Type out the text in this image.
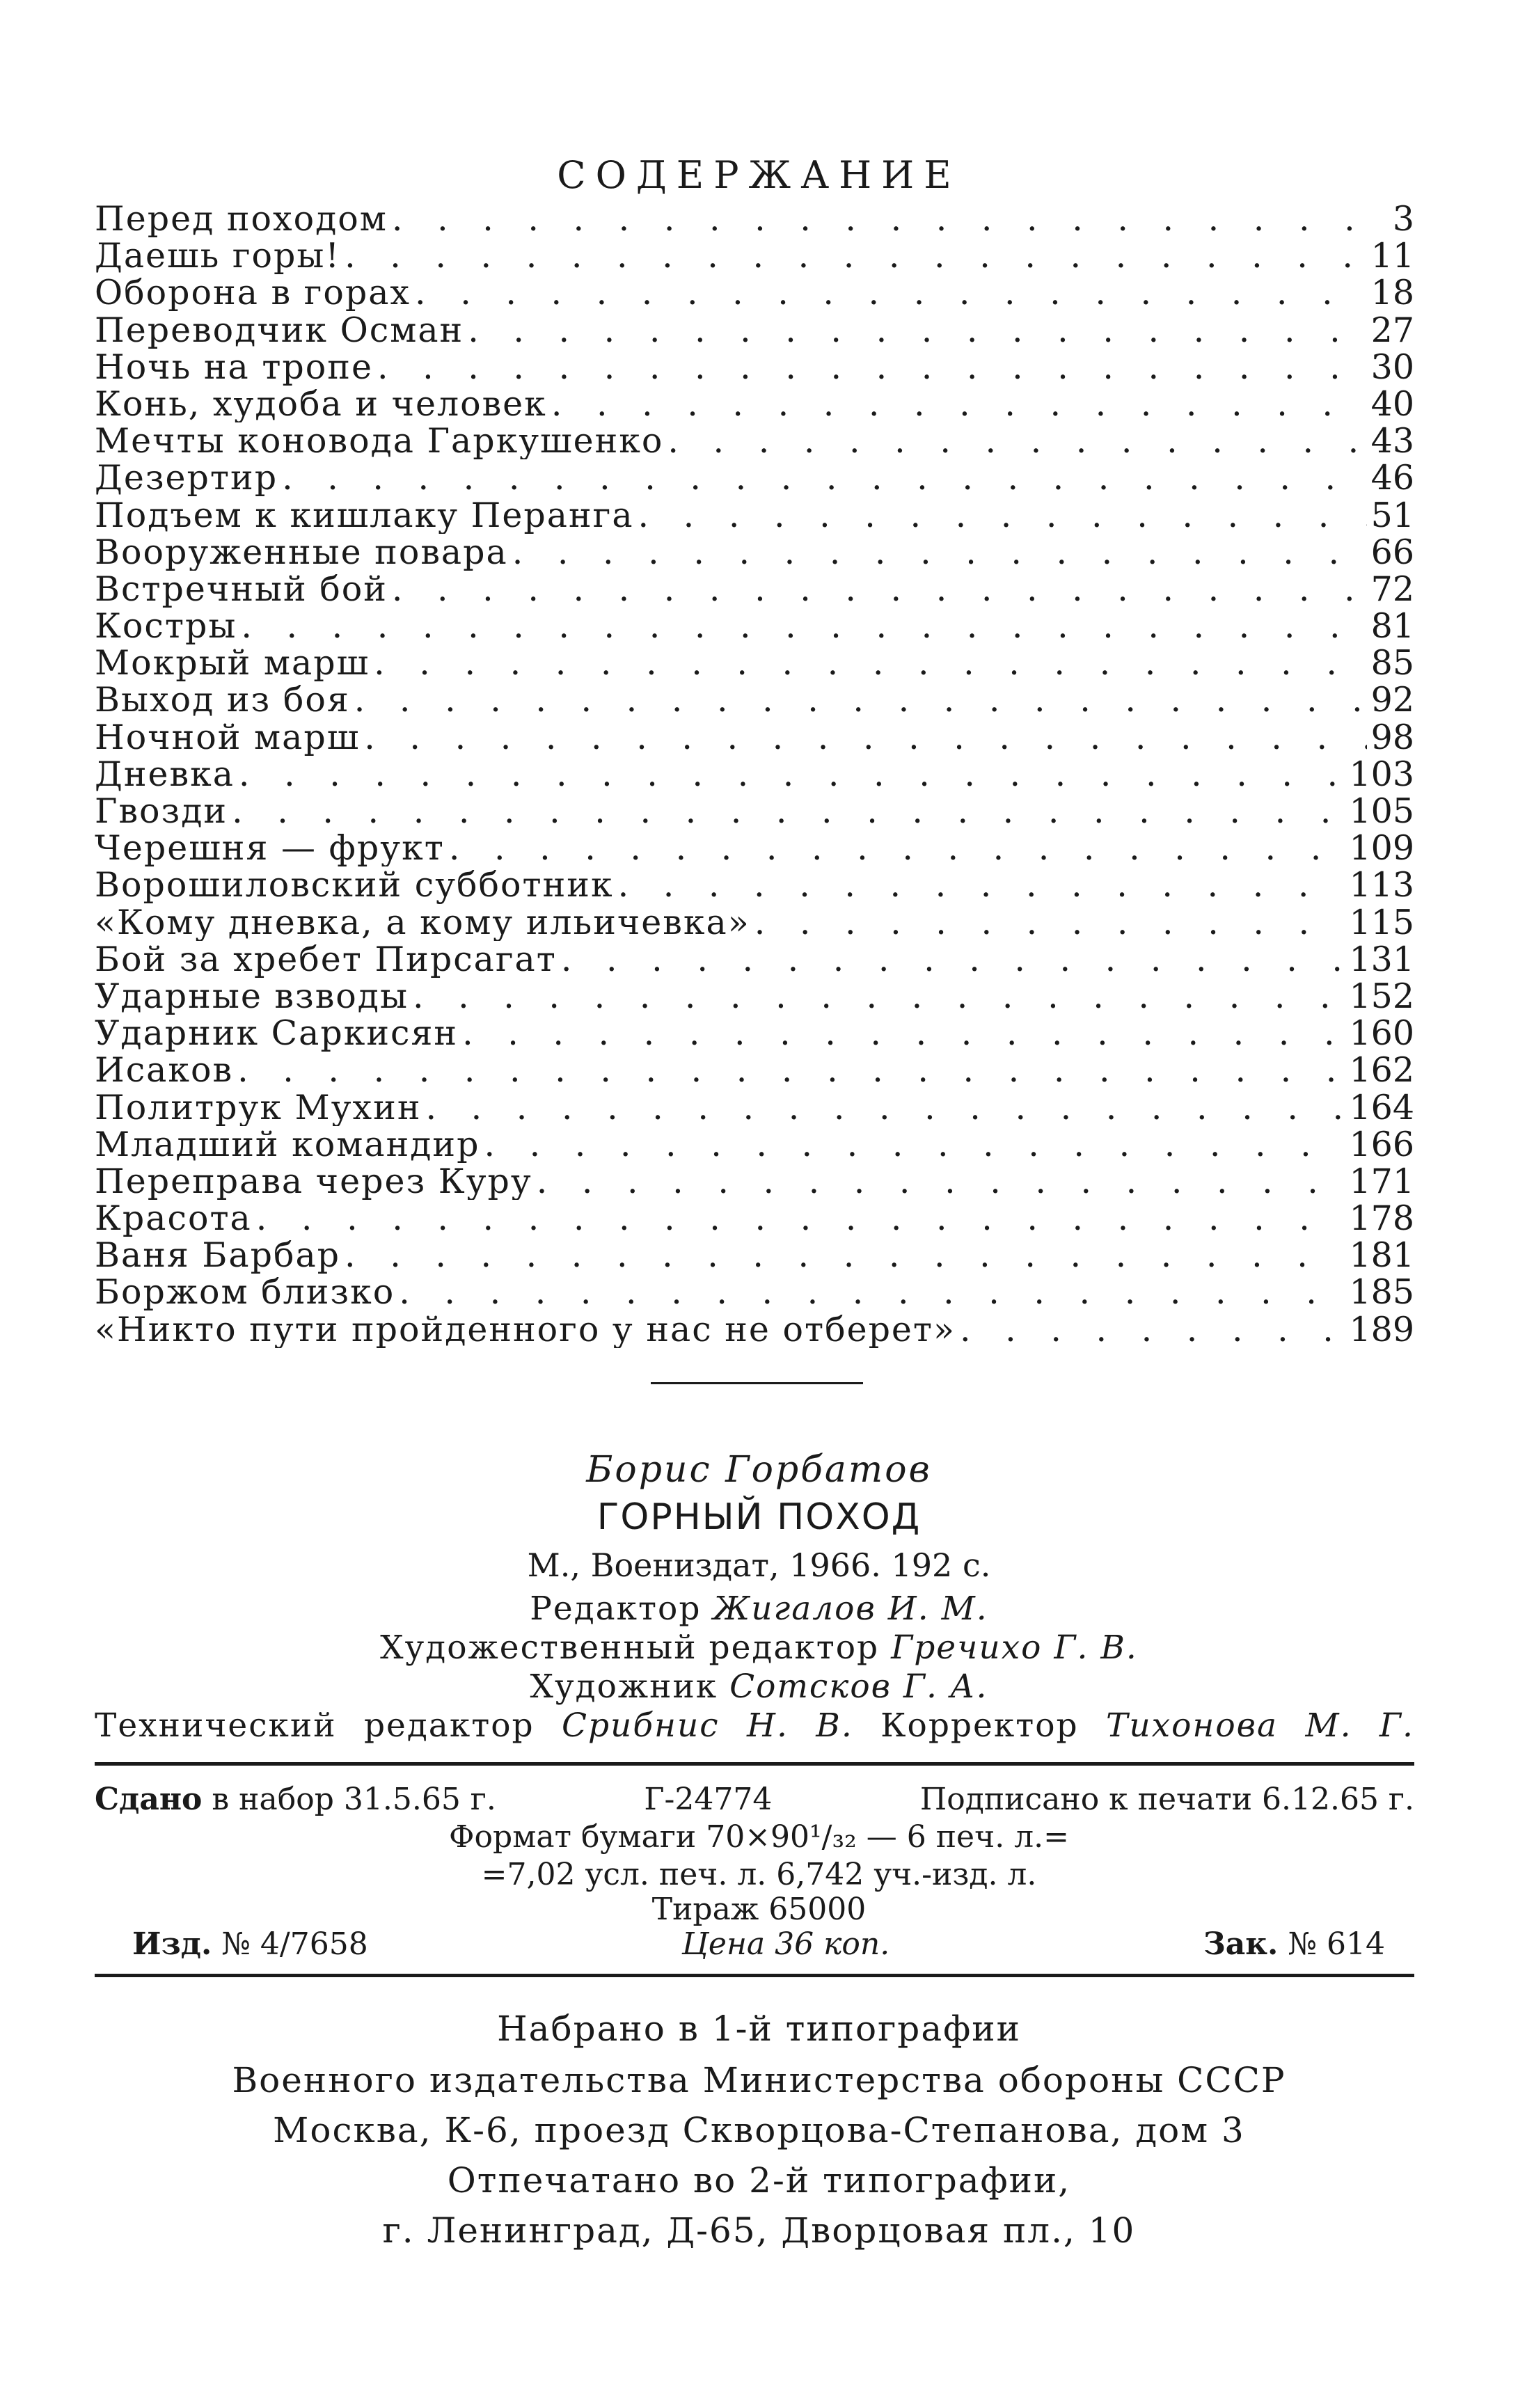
СОДЕРЖАНИЕ
Перед походом . . .	3
Даешь горы! . . .	11
Оборона в горах . . .	18
Переводчик Осман . . .	27
Ночь на тропе . . .	30
Конь, худоба и человек . . .	40
Мечты коновода Гаркушенко . . .	43
Дезертир . . .	46
Подъем к кишлаку Перанга . . .	51
Вооруженные повара . . .	66
Встречный бой . . .	72
Костры . . .	81
Мокрый марш . . .	85
Выход из боя . . .	92
Ночной марш . . .	98
Дневка . . .	103
Гвозди . . .	105
Черешня — фрукт . . .	109
Ворошиловский субботник . . .	113
«Кому дневка, а кому ильичевка» . . .	115
Бой за хребет Пирсагат . . .	131
Ударные взводы . . .	152
Ударник Саркисян . . .	160
Исаков . . .	162
Политрук Мухин . . .	164
Младший командир . . .	166
Переправа через Куру . . .	171
Красота . . .	178
Ваня Барбар . . .	181
Боржом близко . . .	185
«Никто пути пройденного у нас не отберет» . . .	189
Борис Горбатов
ГОРНЫЙ ПОХОД
М., Воениздат, 1966. 192 с.
Редактор Жигалов И. М.
Художественный редактор Гречихо Г. В.
Художник Сотсков Г. А.
Технический редактор Срибнис Н. В. Корректор Тихонова М. Г.
Сдано в набор 31.5.65 г.	Г-24774	Подписано к печати 6.12.65 г.
Формат бумаги 70×90¹/₃₂ — 6 печ. л.=
=7,02 усл. печ. л. 6,742 уч.-изд. л.
Тираж 65000
Изд. № 4/7658	Цена 36 коп.	Зак. № 614
Набрано в 1-й типографии
Военного издательства Министерства обороны СССР
Москва, К-6, проезд Скворцова-Степанова, дом 3
Отпечатано во 2-й типографии,
г. Ленинград, Д-65, Дворцовая пл., 10
